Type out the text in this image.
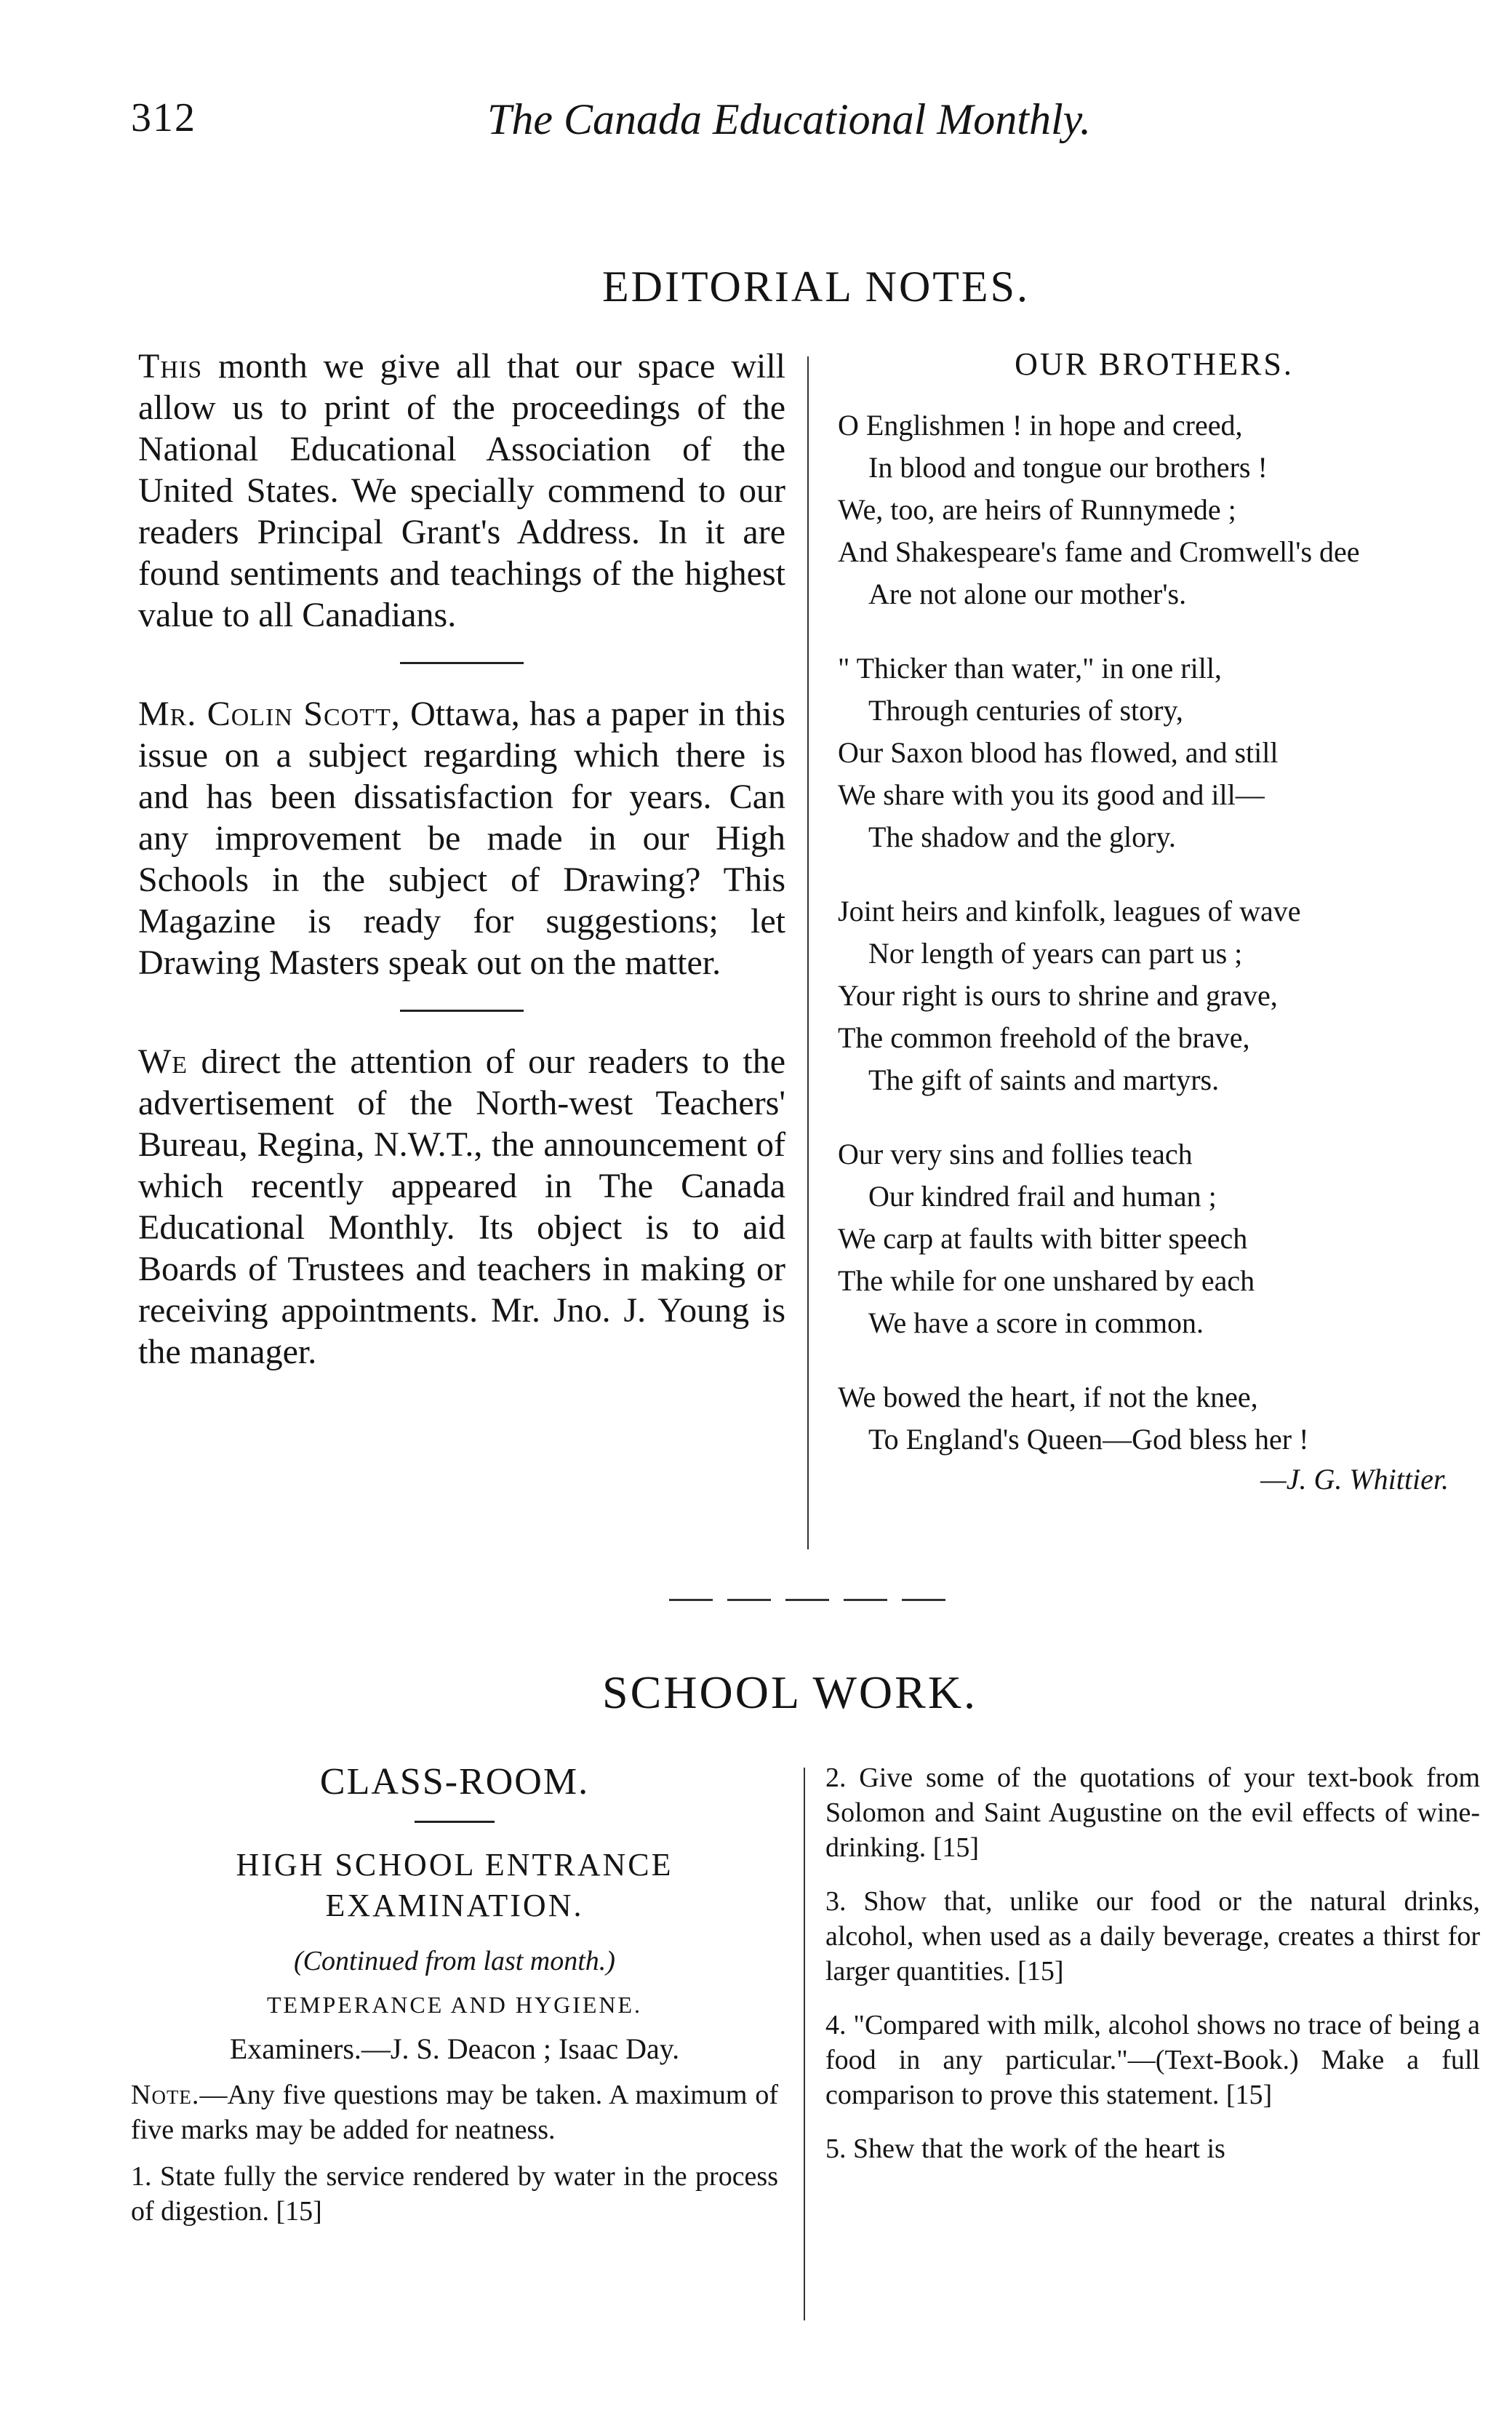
312	The Canada Educational Monthly.
EDITORIAL NOTES.

This month we give all that our space will allow us to print of the proceedings of the National Educational Association of the United States. We specially commend to our readers Principal Grant's Address. In it are found sentiments and teachings of the highest value to all Canadians.

Mr. Colin Scott, Ottawa, has a paper in this issue on a subject regarding which there is and has been dissatisfaction for years. Can any improvement be made in our High Schools in the subject of Drawing? This Magazine is ready for suggestions; let Drawing Masters speak out on the matter.

We direct the attention of our readers to the advertisement of the North-west Teachers' Bureau, Regina, N.W.T., the announcement of which recently appeared in The Canada Educational Monthly. Its object is to aid Boards of Trustees and teachers in making or receiving appointments. Mr. Jno. J. Young is the manager.

OUR BROTHERS.

O Englishmen ! in hope and creed,
In blood and tongue our brothers !
We, too, are heirs of Runnymede ;
And Shakespeare's fame and Cromwell's dee
Are not alone our mother's.
" Thicker than water," in one rill,
Through centuries of story,
Our Saxon blood has flowed, and still
We share with you its good and ill—
The shadow and the glory.
Joint heirs and kinfolk, leagues of wave
Nor length of years can part us ;
Your right is ours to shrine and grave,
The common freehold of the brave,
The gift of saints and martyrs.
Our very sins and follies teach
Our kindred frail and human ;
We carp at faults with bitter speech
The while for one unshared by each
We have a score in common.
We bowed the heart, if not the knee,
To England's Queen—God bless her !
—J. G. Whittier.
SCHOOL WORK.

CLASS-ROOM.

HIGH SCHOOL ENTRANCE EXAMINATION.

(Continued from last month.)

TEMPERANCE AND HYGIENE.

Examiners.—J. S. Deacon ; Isaac Day.

Note.—Any five questions may be taken. A maximum of five marks may be added for neatness.

1. State fully the service rendered by water in the process of digestion. [15]

2. Give some of the quotations of your text-book from Solomon and Saint Augustine on the evil effects of wine-drinking. [15]

3. Show that, unlike our food or the natural drinks, alcohol, when used as a daily beverage, creates a thirst for larger quantities. [15]

4. "Compared with milk, alcohol shows no trace of being a food in any particular."—(Text-Book.) Make a full comparison to prove this statement. [15]

5. Shew that the work of the heart is
